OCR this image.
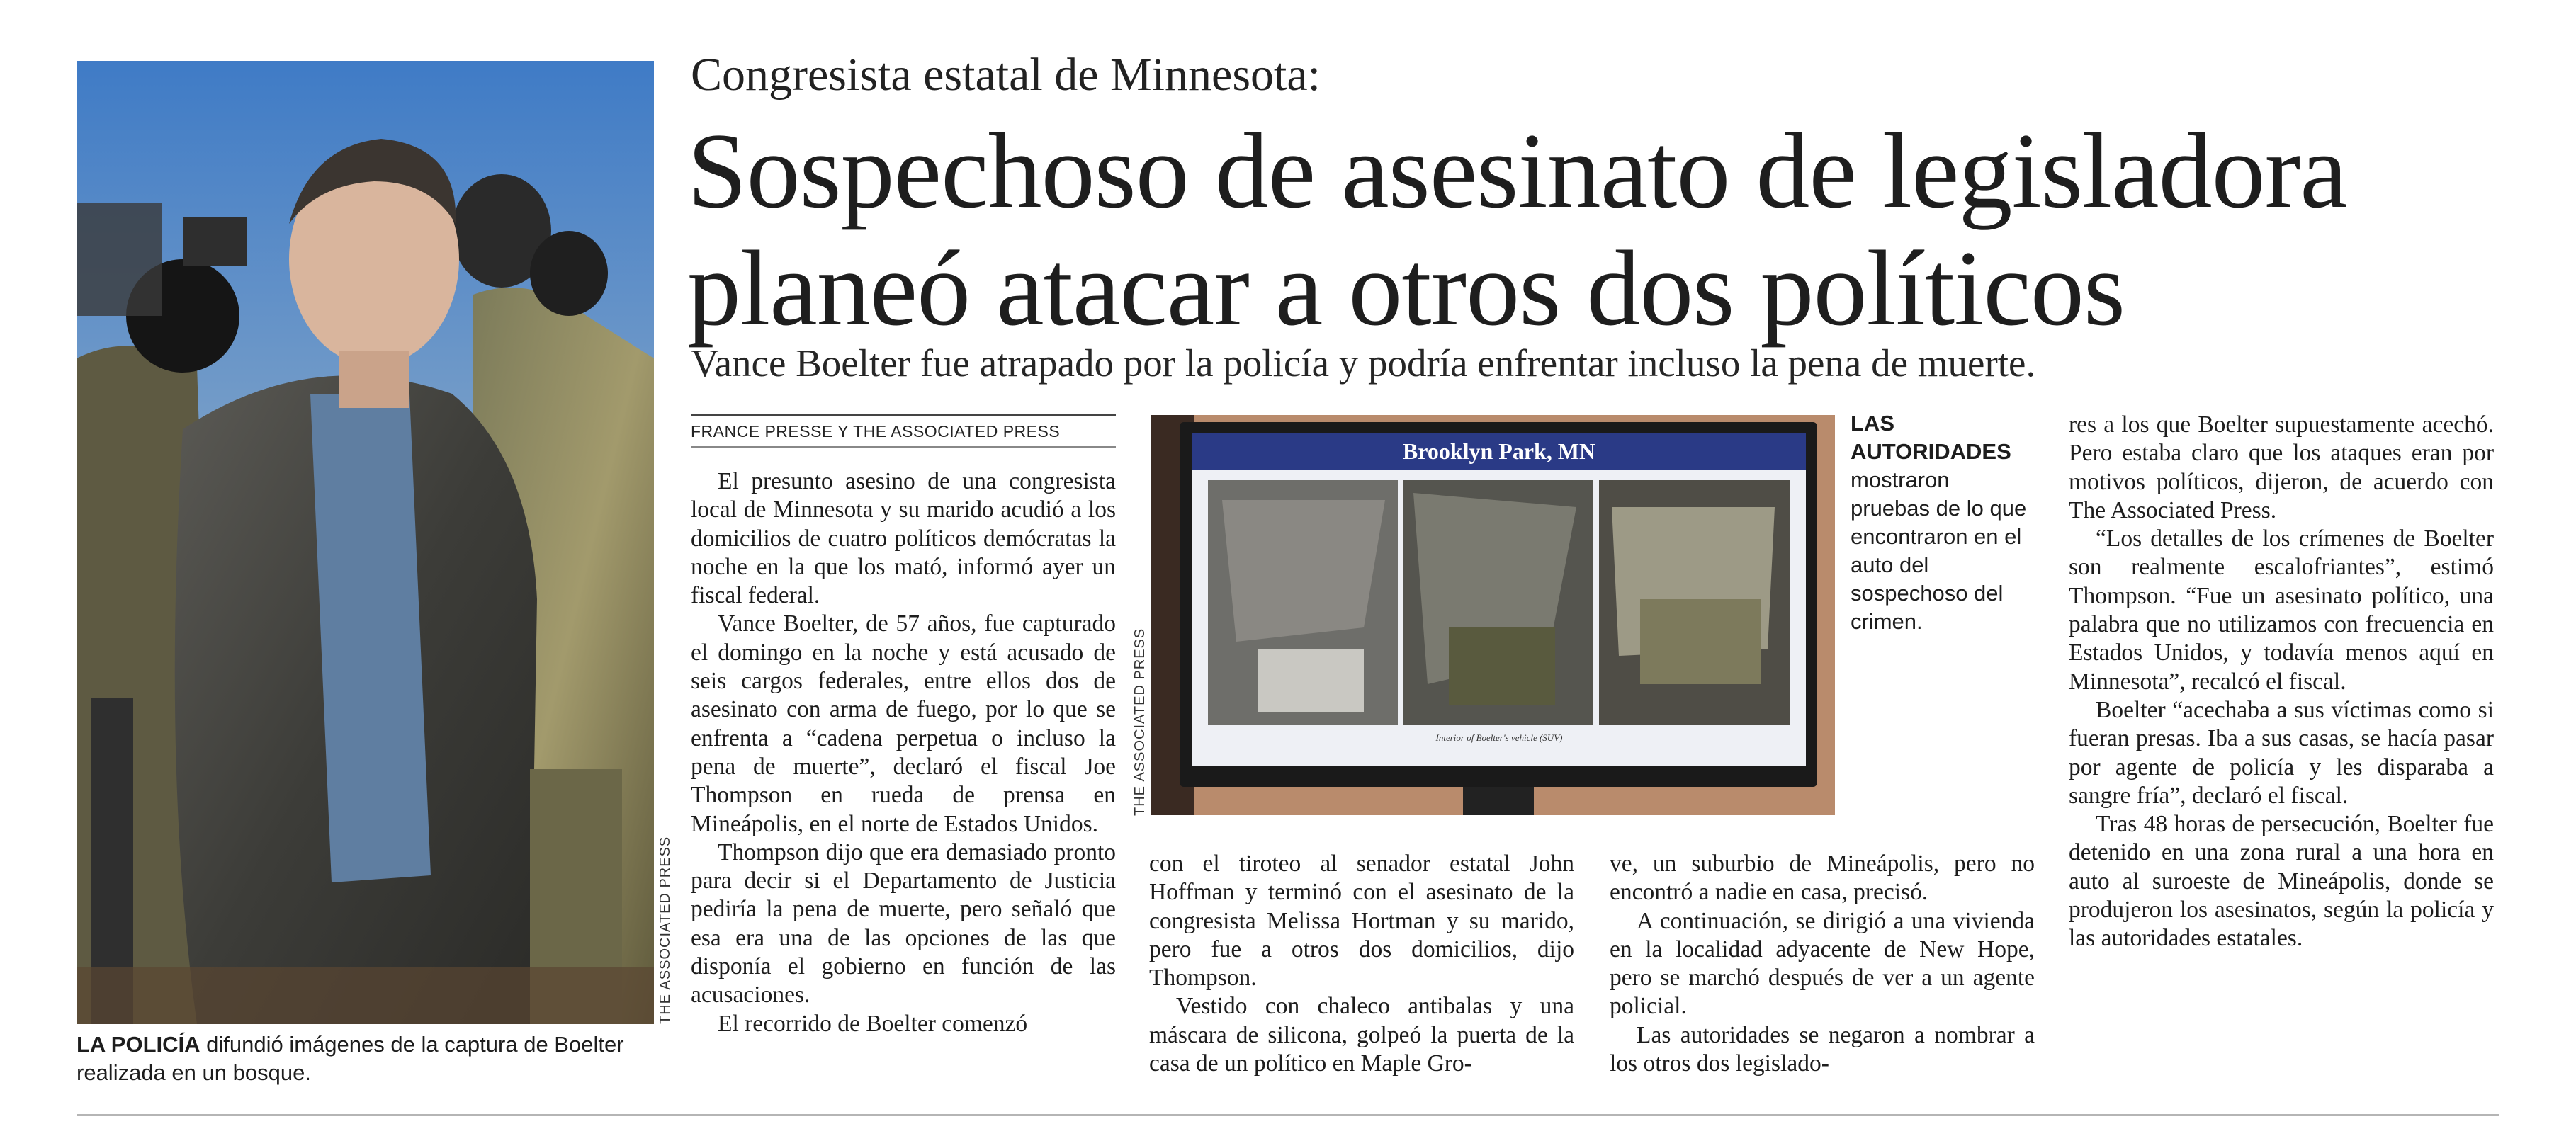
THE ASSOCIATED PRESS
LA POLICÍA difundió imágenes de la captura de Boelter realizada en un bosque.
Congresista estatal de Minnesota:
Sospechoso de asesinato de legisladora
planeó atacar a otros dos políticos
Vance Boelter fue atrapado por la policía y podría enfrentar incluso la pena de muerte.
FRANCE PRESSE Y THE ASSOCIATED PRESS

El presunto asesino de una congresista local de Minnesota y su marido acudió a los domicilios de cuatro políticos demócratas la noche en la que los mató, informó ayer un fiscal federal.

Vance Boelter, de 57 años, fue capturado el domingo en la noche y está acusado de seis cargos federales, entre ellos dos de asesinato con arma de fuego, por lo que se enfrenta a “cadena perpetua o incluso la pena de muerte”, declaró el fiscal Joe Thompson en rueda de prensa en Mineápolis, en el norte de Estados Unidos.

Thompson dijo que era demasiado pronto para decir si el Departamento de Justicia pediría la pena de muerte, pero señaló que esa era una de las opciones de las que disponía el gobierno en función de las acusaciones.

El recorrido de Boelter comenzó

Brooklyn Park, MN
Interior of Boelter's vehicle (SUV)
THE ASSOCIATED PRESS
LAS AUTORIDADES mostraron pruebas de lo que encontraron en el auto del sospechoso del crimen.

con el tiroteo al senador estatal John Hoffman y terminó con el asesinato de la congresista Melissa Hortman y su marido, pero fue a otros dos domicilios, dijo Thompson.

Vestido con chaleco antibalas y una máscara de silicona, golpeó la puerta de la casa de un político en Maple Gro-

ve, un suburbio de Mineápolis, pero no encontró a nadie en casa, precisó.

A continuación, se dirigió a una vivienda en la localidad adyacente de New Hope, pero se marchó después de ver a un agente policial.

Las autoridades se negaron a nombrar a los otros dos legislado-

res a los que Boelter supuestamente acechó. Pero estaba claro que los ataques eran por motivos políticos, dijeron, de acuerdo con The Associated Press.

“Los detalles de los crímenes de Boelter son realmente escalofriantes”, estimó Thompson. “Fue un asesinato político, una palabra que no utilizamos con frecuencia en Estados Unidos, y todavía menos aquí en Minnesota”, recalcó el fiscal.

Boelter “acechaba a sus víctimas como si fueran presas. Iba a sus casas, se hacía pasar por agente de policía y les disparaba a sangre fría”, declaró el fiscal.

Tras 48 horas de persecución, Boelter fue detenido en una zona rural a una hora en auto al suroeste de Mineápolis, donde se produjeron los asesinatos, según la policía y las autoridades estatales.
